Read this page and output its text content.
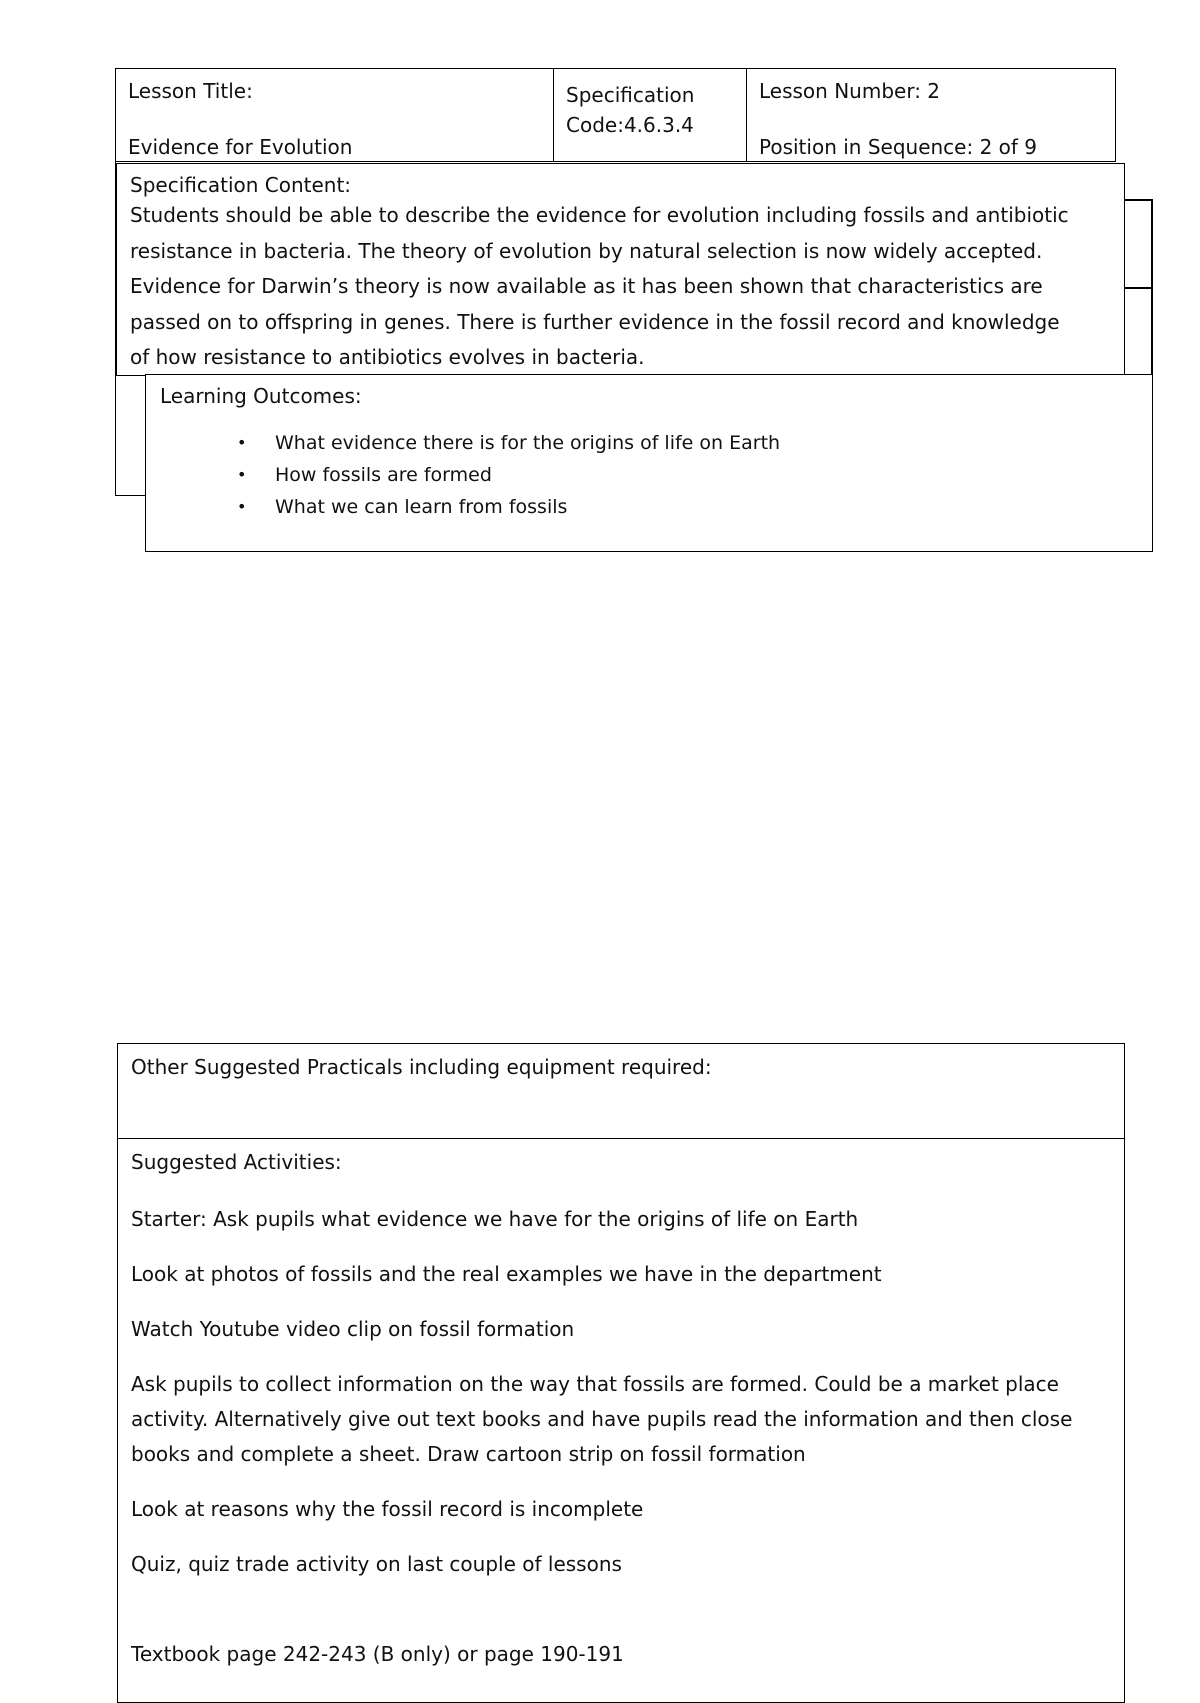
Lesson Title:
Evidence for Evolution
Specification
Code:4.6.3.4
Lesson Number: 2
Position in Sequence: 2 of 9
Specification Content:
Students should be able to describe the evidence for evolution including fossils and antibiotic
resistance in bacteria. The theory of evolution by natural selection is now widely accepted.
Evidence for Darwin’s theory is now available as it has been shown that characteristics are
passed on to offspring in genes. There is further evidence in the fossil record and knowledge
of how resistance to antibiotics evolves in bacteria.
Learning Outcomes:
• What evidence there is for the origins of life on Earth
• How fossils are formed
• What we can learn from fossils
Other Suggested Practicals including equipment required:
Suggested Activities:
Starter: Ask pupils what evidence we have for the origins of life on Earth
Look at photos of fossils and the real examples we have in the department
Watch Youtube video clip on fossil formation
Ask pupils to collect information on the way that fossils are formed. Could be a market place
activity. Alternatively give out text books and have pupils read the information and then close
books and complete a sheet. Draw cartoon strip on fossil formation
Look at reasons why the fossil record is incomplete
Quiz, quiz trade activity on last couple of lessons
Textbook page 242-243 (B only) or page 190-191
